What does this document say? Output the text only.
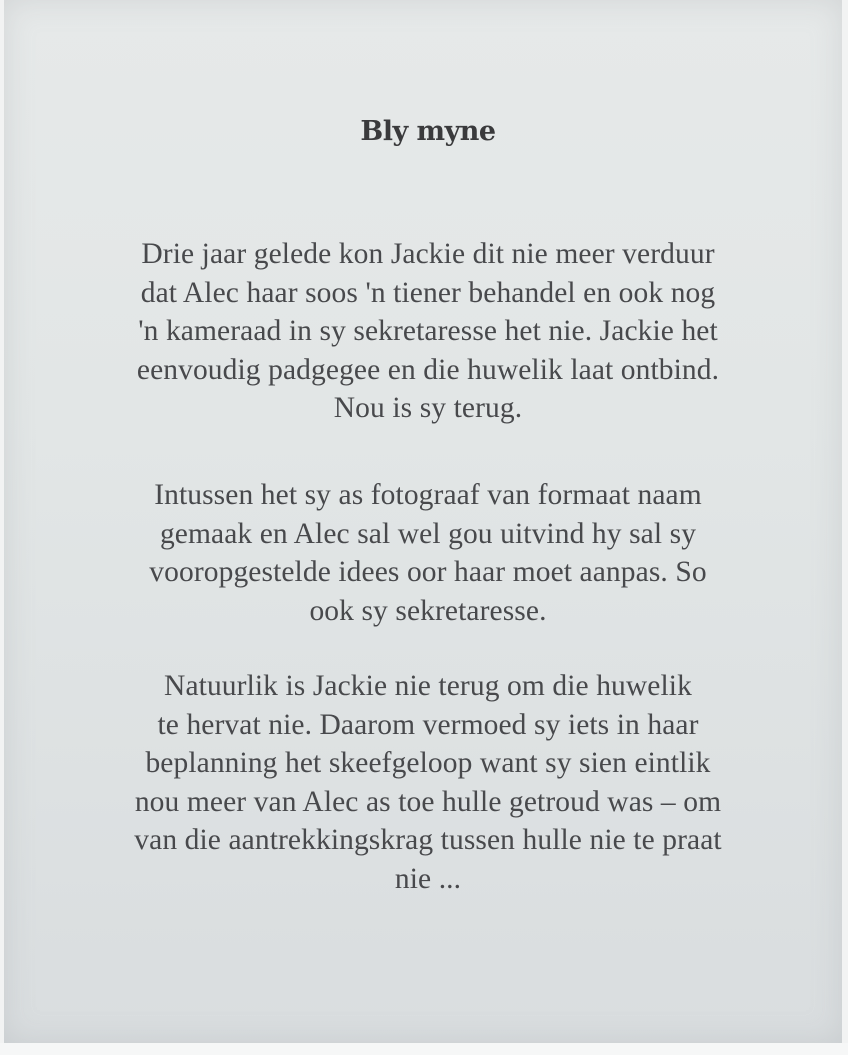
Bly myne
Drie jaar gelede kon Jackie dit nie meer verduur
dat Alec haar soos 'n tiener behandel en ook nog
'n kameraad in sy sekretaresse het nie. Jackie het
eenvoudig padgegee en die huwelik laat ontbind.
Nou is sy terug.
Intussen het sy as fotograaf van formaat naam
gemaak en Alec sal wel gou uitvind hy sal sy
vooropgestelde idees oor haar moet aanpas. So
ook sy sekretaresse.
Natuurlik is Jackie nie terug om die huwelik
te hervat nie. Daarom vermoed sy iets in haar
beplanning het skeefgeloop want sy sien eintlik
nou meer van Alec as toe hulle getroud was – om
van die aantrekkingskrag tussen hulle nie te praat
nie ...
